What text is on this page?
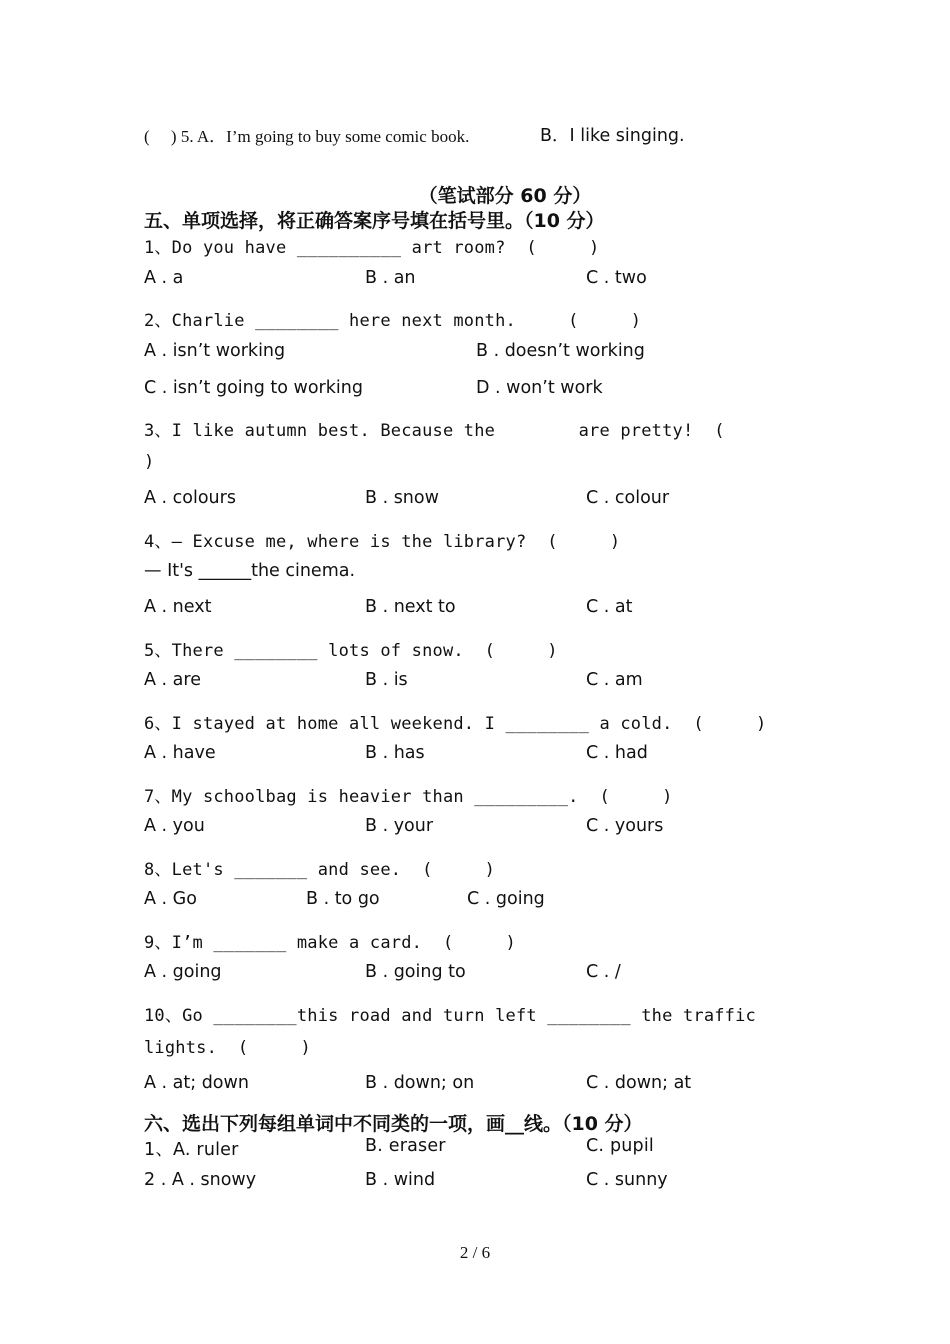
(     ) 5. A．I’m going to buy some comic book.	B．I like singing.
（笔试部分 60 分）
五、单项选择，将正确答案序号填在括号里。（10 分）
1、Do you have __________ art room?  (     )
A . a	B . an	C . two
2、Charlie ________ here next month.     (     )
A . isn’t working	B . doesn’t working
C . isn’t going to working	D . won’t work
3、I like autumn best. Because the        are pretty!  (
)
A . colours	B . snow	C . colour
4、— Excuse me, where is the library?  (     )
— It's ______the cinema.
A . next	B . next to	C . at
5、There ________ lots of snow.  (     )
A . are	B . is	C . am
6、I stayed at home all weekend. I ________ a cold.  (     )
A . have	B . has	C . had
7、My schoolbag is heavier than _________.  (     )
A . you	B . your	C . yours
8、Let's _______ and see.  (     )
A . Go	B . to go	C . going
9、I’m _______ make a card.  (     )
A . going	B . going to	C . /
10、Go ________this road and turn left ________ the traffic
lights.  (     )
A . at; down	B . down; on	C . down; at
六、选出下列每组单词中不同类的一项，画__线。（10 分）
1、A. ruler	B. eraser	C. pupil
2 . A . snowy	B . wind	C . sunny
2 / 6
